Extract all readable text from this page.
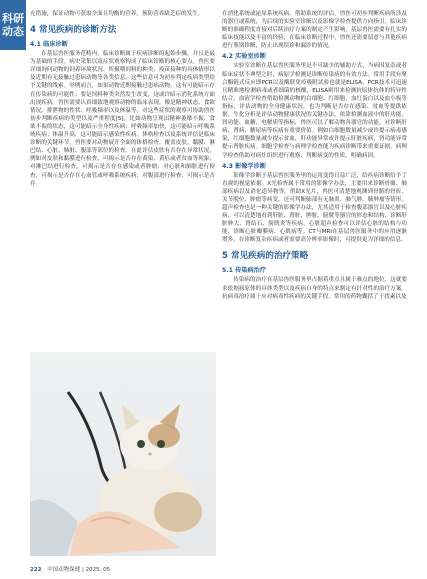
科研
动态

充措施，保证动物可获取全面且均衡的营养，预防营养缺乏症的发生。

4 常见疾病的诊断方法
4.1 临床诊断

在基层兽医服务范畴内，临床诊断属于疾病诊断的起始步骤，并且是最为基础的手段。病史采集以及症状观察构成了临床诊断的核心要点。兽医要详细询问动物的饲养环境状况、所摄喂饲料的种类、疫苗接种的具体情形以及近期有无接触过患病动物等各类信息。这些信息可为初步判定疾病类型给予关键的线索。举例而言，如果动物近期接触过患病动物，这有可能暗示存在传染病的可能性；要是饲料种类突然发生改变，这或许暗示消化系统方面出现疾病。兽医需要认真细致地观察动物的临床表现，像是精神状态、食欲情况、排泄物的性状、呼吸频率以及体温等。对这些症状的观察可协助兽医初步判断疾病的类型以及严重程度[5]。比如动物呈现出精神萎靡不振、食欲不振的状态，这可能暗示全身性疾病；呼吸频率加快，这可能暗示呼吸系统疾病；体温升高，这可能暗示感染性疾病。体格检查以及系统评估是临床诊断的关键环节。兽医要对动物展开全面的体格检查，覆盖皮肤、黏膜、淋巴结、心脏、肺脏、腹部等部位的检查。在此评估皮肤有否存在异常状况，例如对皮肤和黏膜进行检查，可揭示是否存在黄染、黄疸或者贫血等现象；对淋巴结进行检查，可揭示是否存在感染或者肿瘤；对心脏和肺脏进行检查，可揭示是否存在心血管或呼吸系统疾病；对腹部进行检查，可揭示是否存

在消化系统或泌尿系统疾病。借助系统的评估，兽医可初步判断疾病所涉及的器官或系统，为后续的实验室诊断以及影像学检查提供方向指引。临床诊断的准确程度直接对后续治疗方案的制定产生影响。基层兽医需要有扎实的临床技能以及丰富的经验，在临床诊断过程中，兽医还需要留意与其他疾病进行鉴别诊断，防止出现误诊和漏诊的情况。

4.2 实验室诊断

实验室诊断在基层兽医服务里是不可缺少的辅助方式，当病因复杂或者临床症状不典型之时，病原学检测是诊断传染病的有效方法。常用手段有聚合酶链式反应即PCR以及酶联免疫吸附试验也就是ELISA。PCR技术可迅速且精准地检测病毒或者细菌的核酸，ELISA则用来检测抗原体抗体的特异性结合。血液学检查借助检测动物的白细胞、红细胞、血红蛋白以及血小板等指标，评估动物的全身健康状况，也为判断是否存在感染、贫血等提供依据。生化分析是评估动物健康状况的关键办法，依靠检测血液中的肝功能、肾功能、血糖、电解质等指标，兽医可以了解动物各器官的功能，对诊断肝病、肾病、糖尿病等疾病有重要价值。例如白细胞数量减少或许提示病毒感染，红细胞数量减少提示贫血，肝功能异常或许提示肝脏疾病，肾功能异常提示肾脏疾病。细胞学检查与病理学检查能为疾病诊断带来重要证据。病理学检查借助对病灶组织进行观察，判断病变的性质，明确病因。

4.3 影像学诊断

影像学诊断于基层兽医服务里的运用变得日益广泛，给疾病诊断给予了直观的视觉依据。X光检查属于常用的影像学办法，主要用来诊断骨骼、肺部疾病以及消化道异物等。借助X光片，兽医可清楚地观测到骨骼的骨折、关节脱位、肿瘤等病变，还可判断肺部有无肺炎、肺气肿、肺肿瘤等情形。超声检查也是一种关键的影像学办法，尤其适用于检查腹部器官以及心脏疾病，可以清楚地看到肝脏、肾脏、脾脏、膀胱等器官的形态和结构，诊断肝脏肿大、肾结石、膀胱炎等疾病。心脏超声检查可以评估心脏的结构与功能，诊断心脏瓣膜病、心肌病等。CT与MRI在基层兽医服务中的应用逐渐增多，在诊断复杂疾病或者需要高分辨率影像时，可提供更为详细的信息。

5 常见疾病的治疗策略
5.1 传染病治疗

传染病的治疗在基层兽医服务里占据着重点且属于难点的地位，这就要求依据病原体的具体类型以及疾病自身的特点来制定有针对性的治疗方案。抗病毒治疗属于应对病毒性疾病的关键手段，常用的药物囊括了干扰素以及

222 中国动物保健 | 2025. 05
